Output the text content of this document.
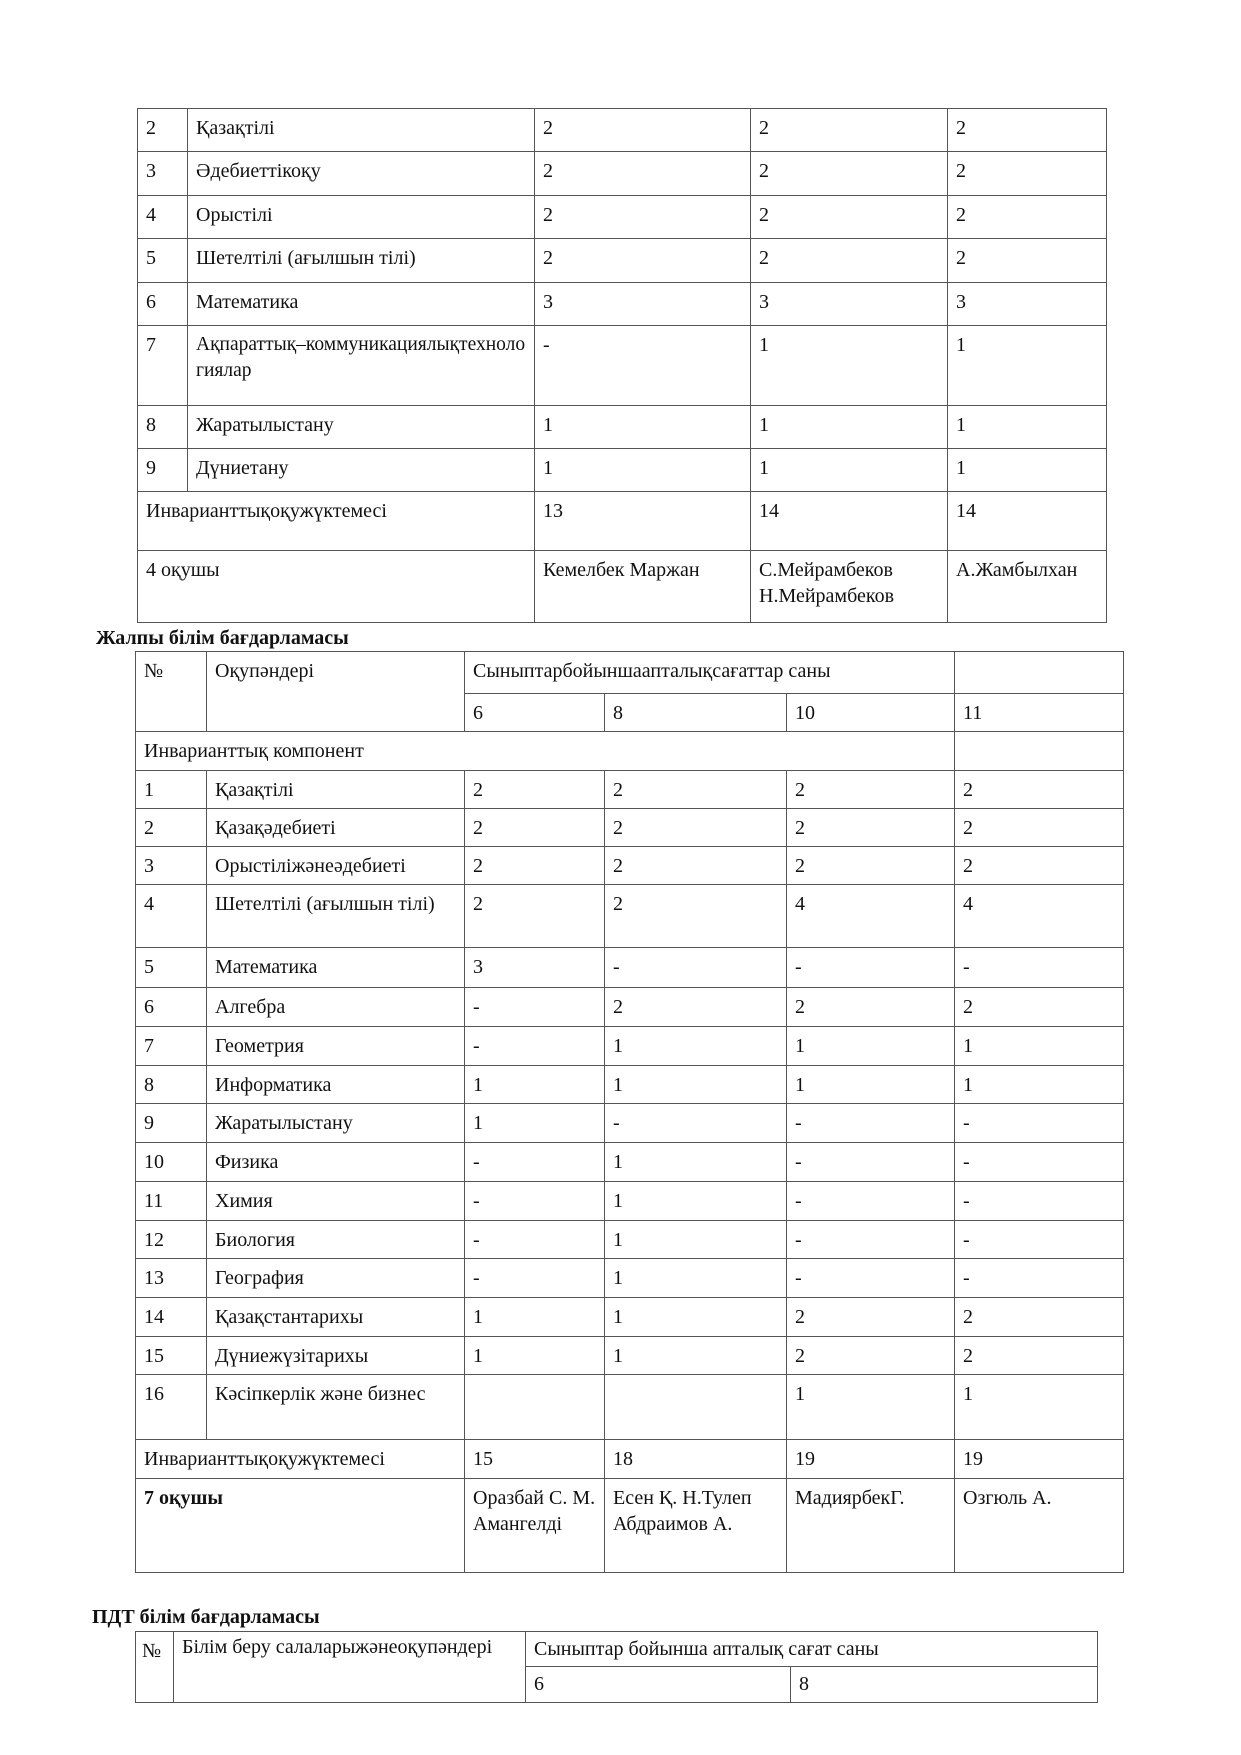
2	Қазақтілі	2	2	2
3	Әдебиеттікоқу	2	2	2
4	Орыстілі	2	2	2
5	Шетелтілі (ағылшын тілі)	2	2	2
6	Математика	3	3	3
7	Ақпараттық–коммуникациялықтехнологиялар	-	1	1
8	Жаратылыстану	1	1	1
9	Дүниетану	1	1	1
Инварианттықоқужүктемесі		13	14	14
4 оқушы		Кемелбек Маржан	С.Мейрамбеков Н.Мейрамбеков	А.Жамбылхан
Жалпы білім бағдарламасы
№	Оқупәндері	Сыныптарбойыншаапталықсағаттар саны			
		6	8	10	11
Инварианттық компонент					
1	Қазақтілі	2	2	2	2
2	Қазақәдебиеті	2	2	2	2
3	Орыстіліжәнеәдебиеті	2	2	2	2
4	Шетелтілі (ағылшын тілі)	2	2	4	4
5	Математика	3	-	-	-
6	Алгебра	-	2	2	2
7	Геометрия	-	1	1	1
8	Информатика	1	1	1	1
9	Жаратылыстану	1	-	-	-
10	Физика	-	1	-	-
11	Химия	-	1	-	-
12	Биология	-	1	-	-
13	География	-	1	-	-
14	Қазақстантарихы	1	1	2	2
15	Дүниежүзітарихы	1	1	2	2
16	Кәсіпкерлік және бизнес			1	1
Инварианттықоқужүктемесі		15	18	19	19
7 оқушы		Оразбай С. М.Амангелді	Есен Қ. Н.Тулеп Абдраимов А.	МадиярбекГ.	Озгюль А.
ПДТ білім бағдарламасы
№	Білім беру салаларыжәнеоқупәндері	Сыныптар бойынша апталық сағат саны	
		6	8
